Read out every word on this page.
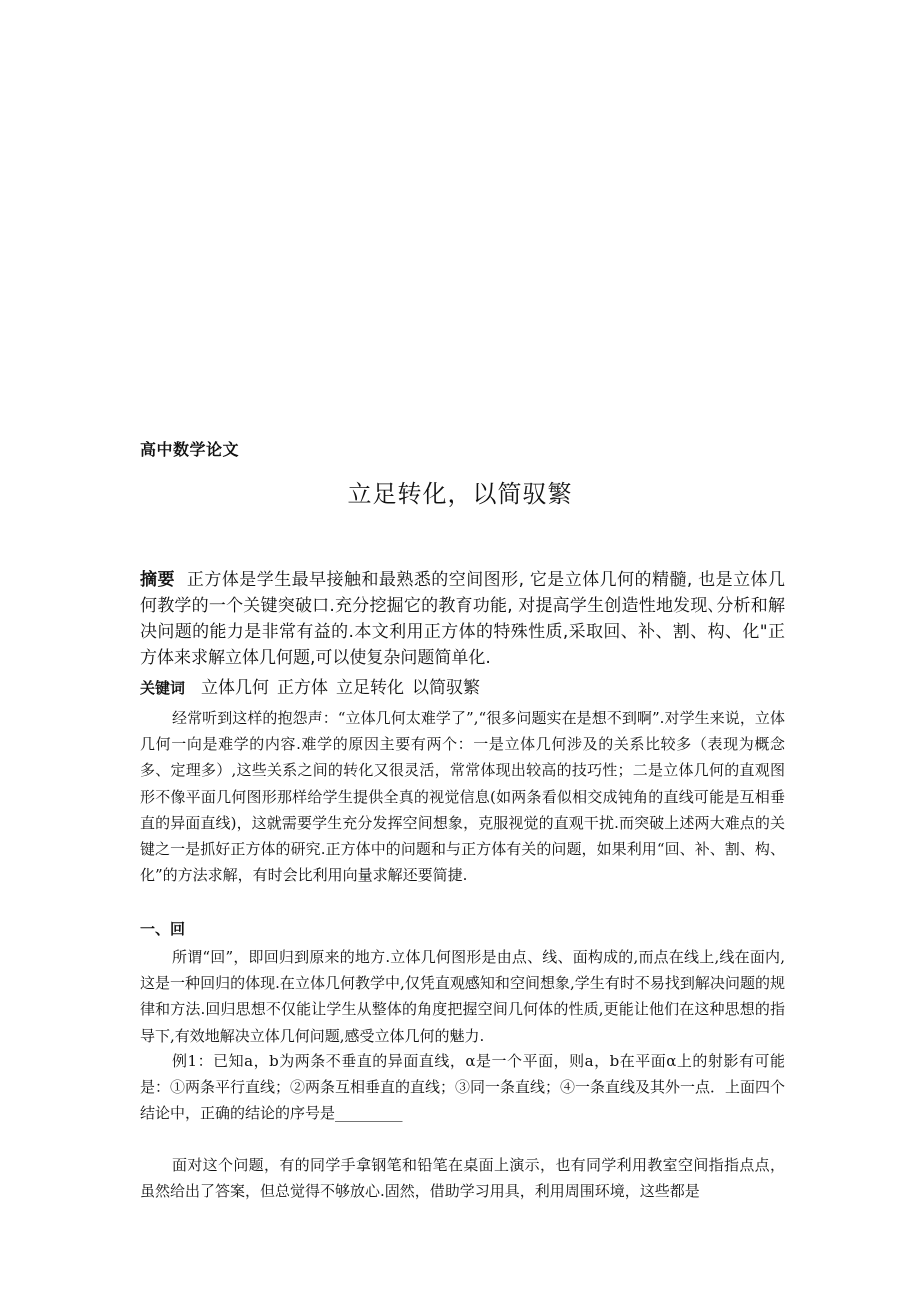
高中数学论文

立足转化，以简驭繁

摘要 正方体是学生最早接触和最熟悉的空间图形, 它是立体几何的精髓, 也是立体几何教学的一个关键突破口.充分挖掘它的教育功能, 对提高学生创造性地发现､分析和解决问题的能力是非常有益的.本文利用正方体的特殊性质,采取回、补、割、构、化"正方体来求解立体几何题,可以使复杂问题简单化.

关键词 立体几何 正方体 立足转化 以简驭繁

经常听到这样的抱怨声：“立体几何太难学了”,“很多问题实在是想不到啊”.对学生来说，立体几何一向是难学的内容.难学的原因主要有两个：一是立体几何涉及的关系比较多（表现为概念多、定理多）,这些关系之间的转化又很灵活，常常体现出较高的技巧性；二是立体几何的直观图形不像平面几何图形那样给学生提供全真的视觉信息(如两条看似相交成钝角的直线可能是互相垂直的异面直线)，这就需要学生充分发挥空间想象，克服视觉的直观干扰.而突破上述两大难点的关键之一是抓好正方体的研究.正方体中的问题和与正方体有关的问题，如果利用“回、补、割、构、化”的方法求解，有时会比利用向量求解还要简捷.

一、回

所谓“回”，即回归到原来的地方.立体几何图形是由点、线、面构成的,而点在线上,线在面内,这是一种回归的体现.在立体几何教学中,仅凭直观感知和空间想象,学生有时不易找到解决问题的规律和方法.回归思想不仅能让学生从整体的角度把握空间几何体的性质,更能让他们在这种思想的指导下,有效地解决立体几何问题,感受立体几何的魅力.

例1：已知a，b为两条不垂直的异面直线，α是一个平面，则a，b在平面α上的射影有可能是：①两条平行直线；②两条互相垂直的直线；③同一条直线；④一条直线及其外一点．上面四个结论中，正确的结论的序号是_________

面对这个问题，有的同学手拿钢笔和铅笔在桌面上演示，也有同学利用教室空间指指点点，虽然给出了答案，但总觉得不够放心.固然，借助学习用具，利用周围环境，这些都是
